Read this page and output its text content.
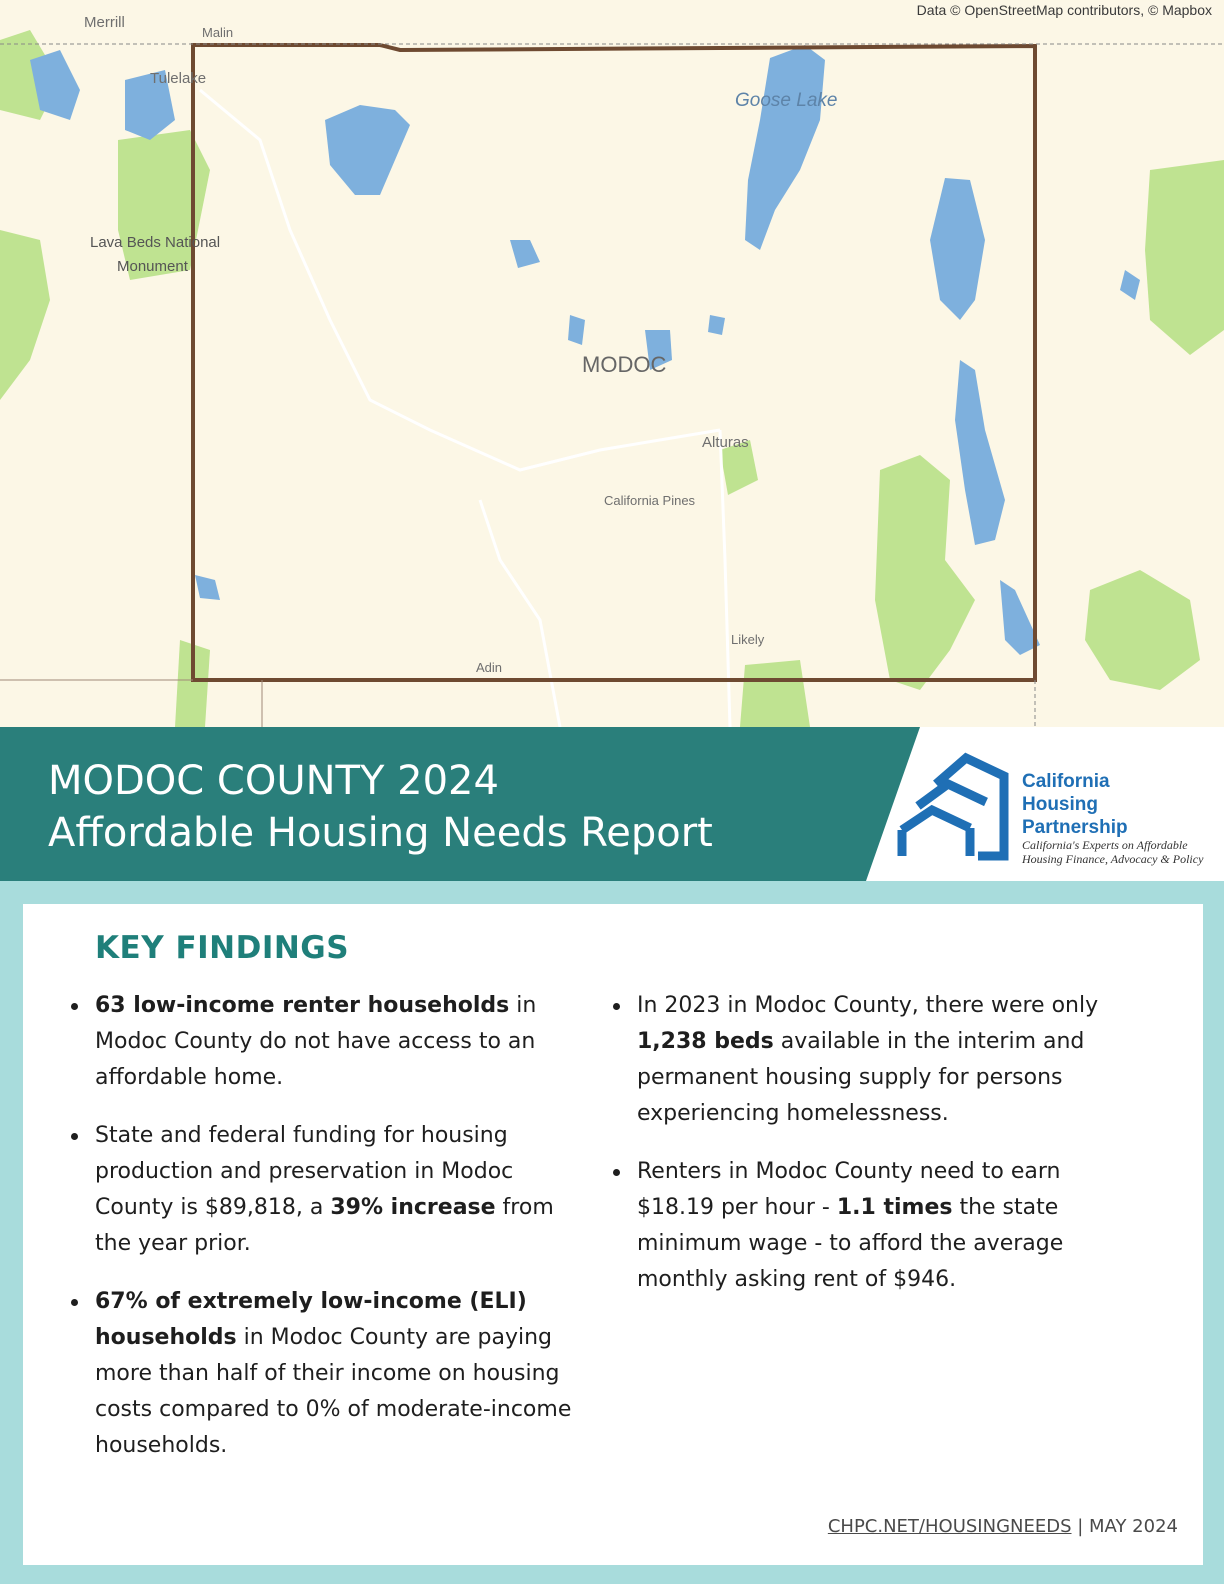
Data © OpenStreetMap contributors, © Mapbox
Merrill
Malin
Tulelake
Lava Beds National
Monument
Goose Lake
MODOC
Alturas
California Pines
Likely
Adin
MODOC COUNTY 2024
Affordable Housing Needs Report
California
Housing
Partnership
California's Experts on Affordable
Housing Finance, Advocacy & Policy
KEY FINDINGS
63 low-income renter households in Modoc County do not have access to an affordable home.
State and federal funding for housing production and preservation in Modoc County is $89,818, a 39% increase from the year prior.
67% of extremely low-income (ELI) households in Modoc County are paying more than half of their income on housing costs compared to 0% of moderate-income households.
In 2023 in Modoc County, there were only 1,238 beds available in the interim and permanent housing supply for persons experiencing homelessness.
Renters in Modoc County need to earn $18.19 per hour - 1.1 times the state minimum wage - to afford the average monthly asking rent of $946.
CHPC.NET/HOUSINGNEEDS | MAY 2024
